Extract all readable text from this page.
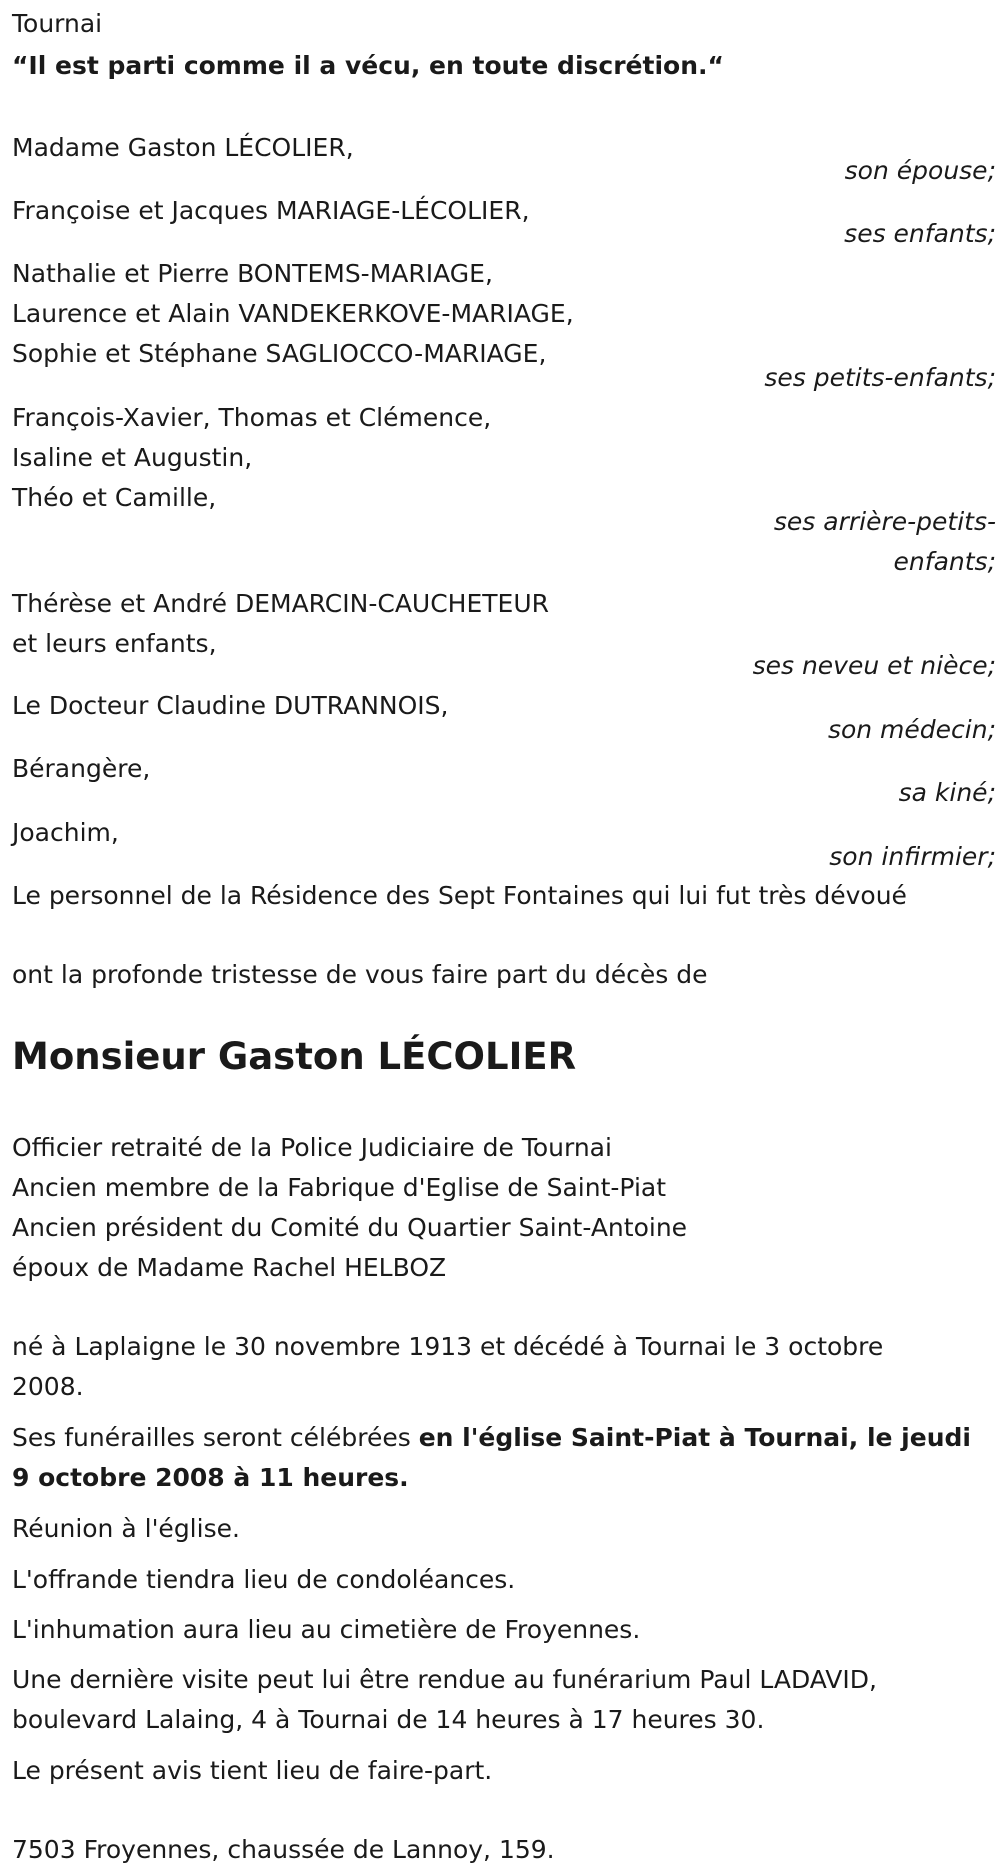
Tournai
“Il est parti comme il a vécu, en toute discrétion.“
Madame Gaston LÉCOLIER,
son épouse;
Françoise et Jacques MARIAGE-LÉCOLIER,
ses enfants;
Nathalie et Pierre BONTEMS-MARIAGE,
Laurence et Alain VANDEKERKOVE-MARIAGE,
Sophie et Stéphane SAGLIOCCO-MARIAGE,
ses petits-enfants;
François-Xavier, Thomas et Clémence,
Isaline et Augustin,
Théo et Camille,
ses arrière-petits-
enfants;
Thérèse et André DEMARCIN-CAUCHETEUR
et leurs enfants,
ses neveu et nièce;
Le Docteur Claudine DUTRANNOIS,
son médecin;
Bérangère,
sa kiné;
Joachim,
son infirmier;
Le personnel de la Résidence des Sept Fontaines qui lui fut très dévoué
ont la profonde tristesse de vous faire part du décès de
Monsieur Gaston LÉCOLIER
Officier retraité de la Police Judiciaire de Tournai
Ancien membre de la Fabrique d'Eglise de Saint-Piat
Ancien président du Comité du Quartier Saint-Antoine
époux de Madame Rachel HELBOZ
né à Laplaigne le 30 novembre 1913 et décédé à Tournai le 3 octobre
2008.
Ses funérailles seront célébrées en l'église Saint-Piat à Tournai, le jeudi
9 octobre 2008 à 11 heures.
Réunion à l'église.
L'offrande tiendra lieu de condoléances.
L'inhumation aura lieu au cimetière de Froyennes.
Une dernière visite peut lui être rendue au funérarium Paul LADAVID,
boulevard Lalaing, 4 à Tournai de 14 heures à 17 heures 30.
Le présent avis tient lieu de faire-part.
7503 Froyennes, chaussée de Lannoy, 159.
